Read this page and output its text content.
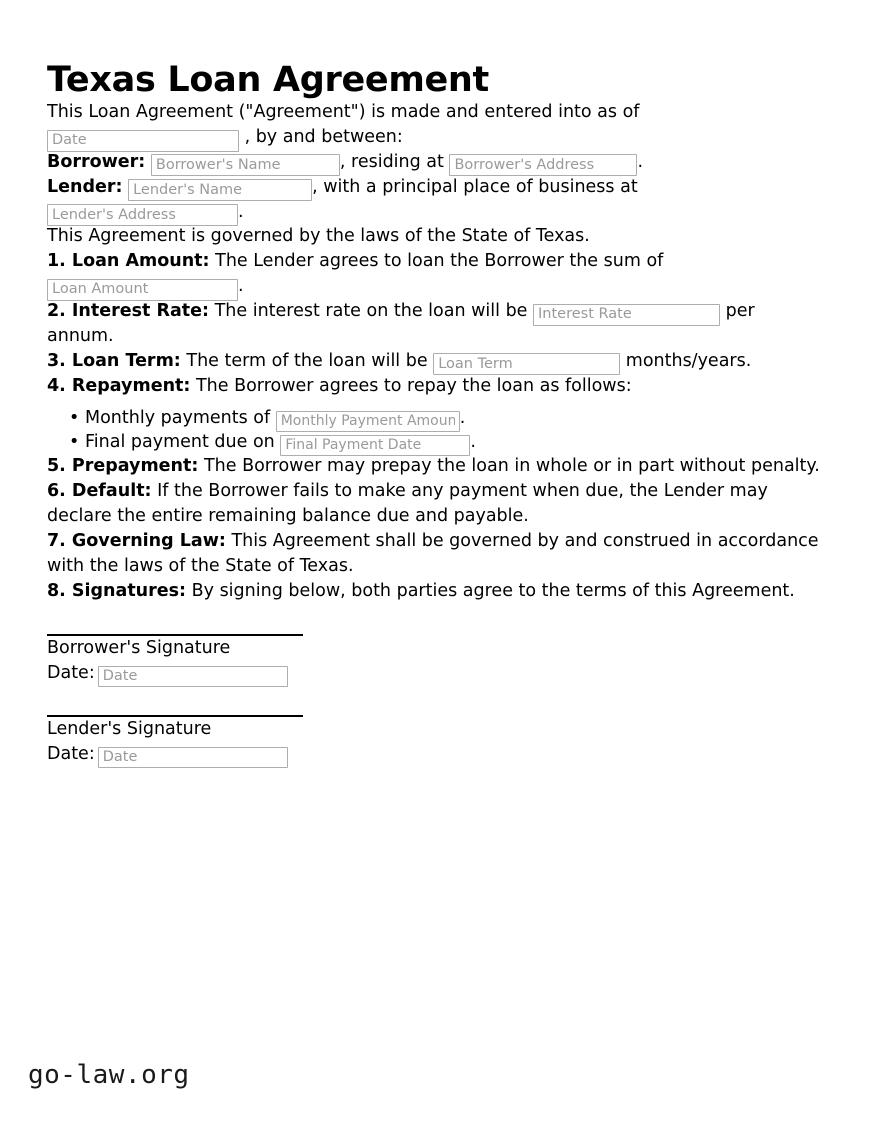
Texas Loan Agreement

This Loan Agreement ("Agreement") is made and entered into as of Date , by and between:

Borrower: Borrower's Name	, residing at Borrower's Address	.

Lender: Lender's Name	, with a principal place of business at Lender's Address.

This Agreement is governed by the laws of the State of Texas.

1. Loan Amount: The Lender agrees to loan the Borrower the sum of Loan Amount.

2. Interest Rate: The interest rate on the loan will be Interest Rate	per annum.

3. Loan Term: The term of the loan will be Loan Term	months/years.

4. Repayment: The Borrower agrees to repay the loan as follows:

• Monthly payments of Monthly Payment Amount	.
• Final payment due on Final Payment Date	.

5. Prepayment: The Borrower may prepay the loan in whole or in part without penalty.

6. Default: If the Borrower fails to make any payment when due, the Lender may declare the entire remaining balance due and payable.

7. Governing Law: This Agreement shall be governed by and construed in accordance with the laws of the State of Texas.

8. Signatures: By signing below, both parties agree to the terms of this Agreement.

Borrower's Signature
Date:Date
Lender's Signature
Date:Date
go-law.org
